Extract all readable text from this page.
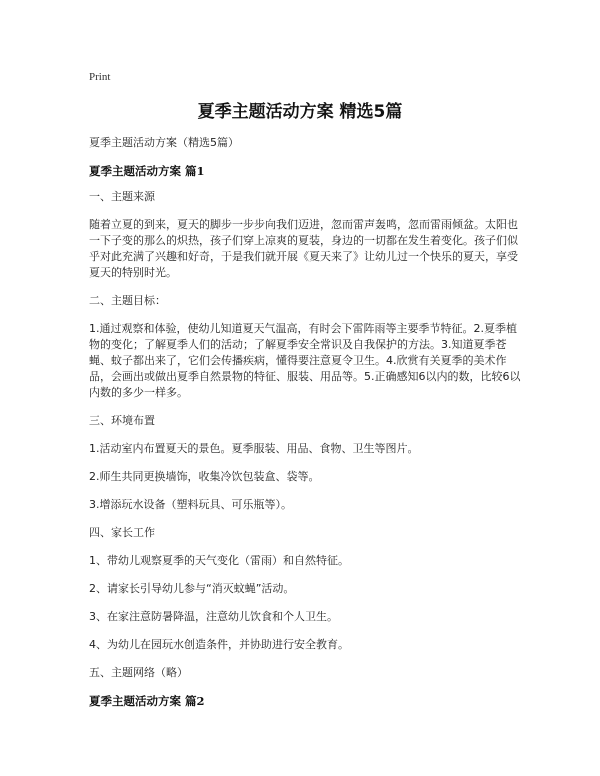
Print
夏季主题活动方案 精选5篇

夏季主题活动方案（精选5篇）

夏季主题活动方案 篇1

一、主题来源

随着立夏的到来，夏天的脚步一步步向我们迈进，忽而雷声轰鸣，忽而雷雨倾盆。太阳也一下子变的那么的炽热，孩子们穿上凉爽的夏装，身边的一切都在发生着变化。孩子们似乎对此充满了兴趣和好奇，于是我们就开展《夏天来了》让幼儿过一个快乐的夏天，享受夏天的特别时光。

二、主题目标：

1.通过观察和体验，使幼儿知道夏天气温高，有时会下雷阵雨等主要季节特征。2.夏季植物的变化；了解夏季人们的活动；了解夏季安全常识及自我保护的方法。3.知道夏季苍蝇、蚊子都出来了，它们会传播疾病，懂得要注意夏令卫生。4.欣赏有关夏季的美术作品，会画出或做出夏季自然景物的特征、服装、用品等。5.正确感知6以内的数，比较6以内数的多少一样多。

三、环境布置

1.活动室内布置夏天的景色。夏季服装、用品、食物、卫生等图片。

2.师生共同更换墙饰，收集冷饮包装盒、袋等。

3.增添玩水设备（塑料玩具、可乐瓶等）。

四、家长工作

1、带幼儿观察夏季的天气变化（雷雨）和自然特征。

2、请家长引导幼儿参与“消灭蚊蝇”活动。

3、在家注意防暑降温，注意幼儿饮食和个人卫生。

4、为幼儿在园玩水创造条件，并协助进行安全教育。

五、主题网络（略）

夏季主题活动方案 篇2
